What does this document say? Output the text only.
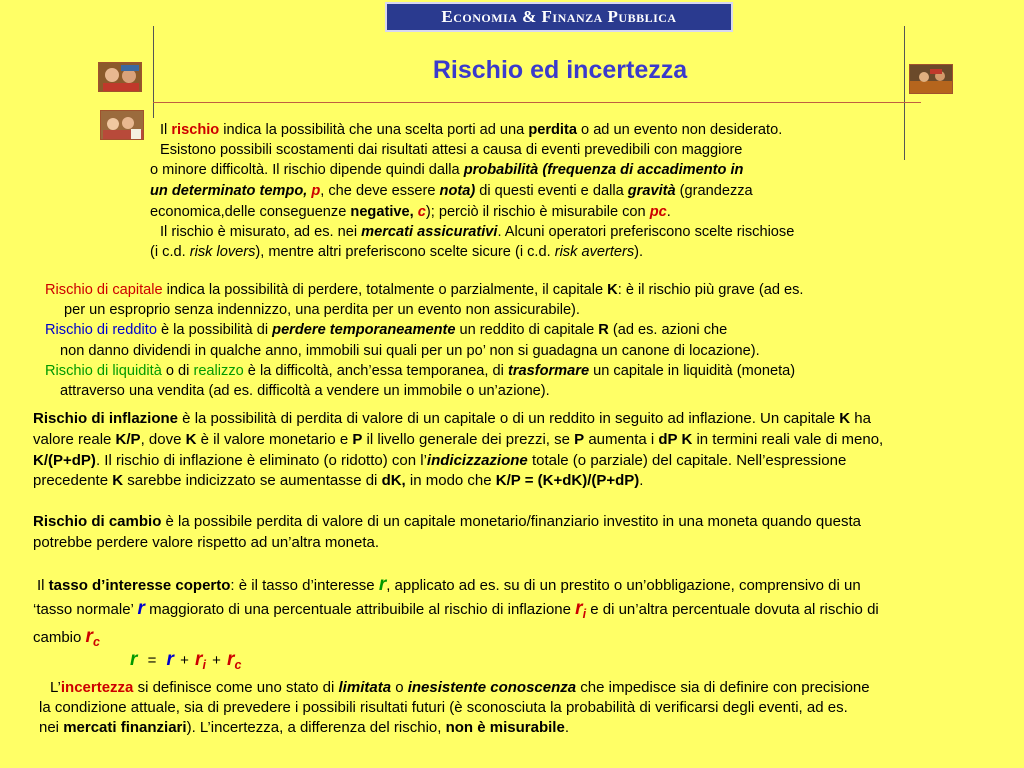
Economia & Finanza Pubblica
Rischio ed incertezza
Il rischio indica la possibilità che una scelta porti ad una perdita o ad un evento non desiderato.
Esistono possibili scostamenti dai risultati attesi a causa di eventi prevedibili con maggiore
o minore difficoltà. Il rischio dipende quindi dalla probabilità (frequenza di accadimento in
un determinato tempo, p, che deve essere nota) di questi eventi e dalla gravità (grandezza
economica,delle conseguenze negative, c); perciò il rischio è misurabile con pc.
Il rischio è misurato, ad es. nei mercati assicurativi. Alcuni operatori preferiscono scelte rischiose
(i c.d. risk lovers), mentre altri preferiscono scelte sicure (i c.d. risk averters).
Rischio di capitale indica la possibilità di perdere, totalmente o parzialmente, il capitale K: è il rischio più grave (ad es.
per un esproprio senza indennizzo, una perdita per un evento non assicurabile).
Rischio di reddito è la possibilità di perdere temporaneamente un reddito di capitale R (ad es. azioni che
non danno dividendi in qualche anno, immobili sui quali per un po’ non si guadagna un canone di locazione).
Rischio di liquidità o di realizzo è la difficoltà, anch’essa temporanea, di trasformare un capitale in liquidità (moneta)
attraverso una vendita (ad es. difficoltà a vendere un immobile o un’azione).
Rischio di inflazione è la possibilità di perdita di valore di un capitale o di un reddito in seguito ad inflazione. Un capitale K ha
valore reale K/P, dove K è il valore monetario e P il livello generale dei prezzi, se P aumenta i dP K in termini reali vale di meno,
K/(P+dP). Il rischio di inflazione è eliminato (o ridotto) con l’indicizzazione totale (o parziale) del capitale. Nell’espressione
precedente K sarebbe indicizzato se aumentasse di dK, in modo che K/P = (K+dK)/(P+dP).
Rischio di cambio è la possibile perdita di valore di un capitale monetario/finanziario investito in una moneta quando questa
potrebbe perdere valore rispetto ad un’altra moneta.
Il tasso d’interesse coperto: è il tasso d’interesse r, applicato ad es. su di un prestito o un’obbligazione, comprensivo di un
‘tasso normale’ r maggiorato di una percentuale attribuibile al rischio di inflazione $r_i$ e di un’altra percentuale dovuta al rischio di
cambio $r_c$
$r = r + r_i + r_c$
L’incertezza si definisce come uno stato di limitata o inesistente conoscenza che impedisce sia di definire con precisione
la condizione attuale, sia di prevedere i possibili risultati futuri (è sconosciuta la probabilità di verificarsi degli eventi, ad es.
nei mercati finanziari). L’incertezza, a differenza del rischio, non è misurabile.
